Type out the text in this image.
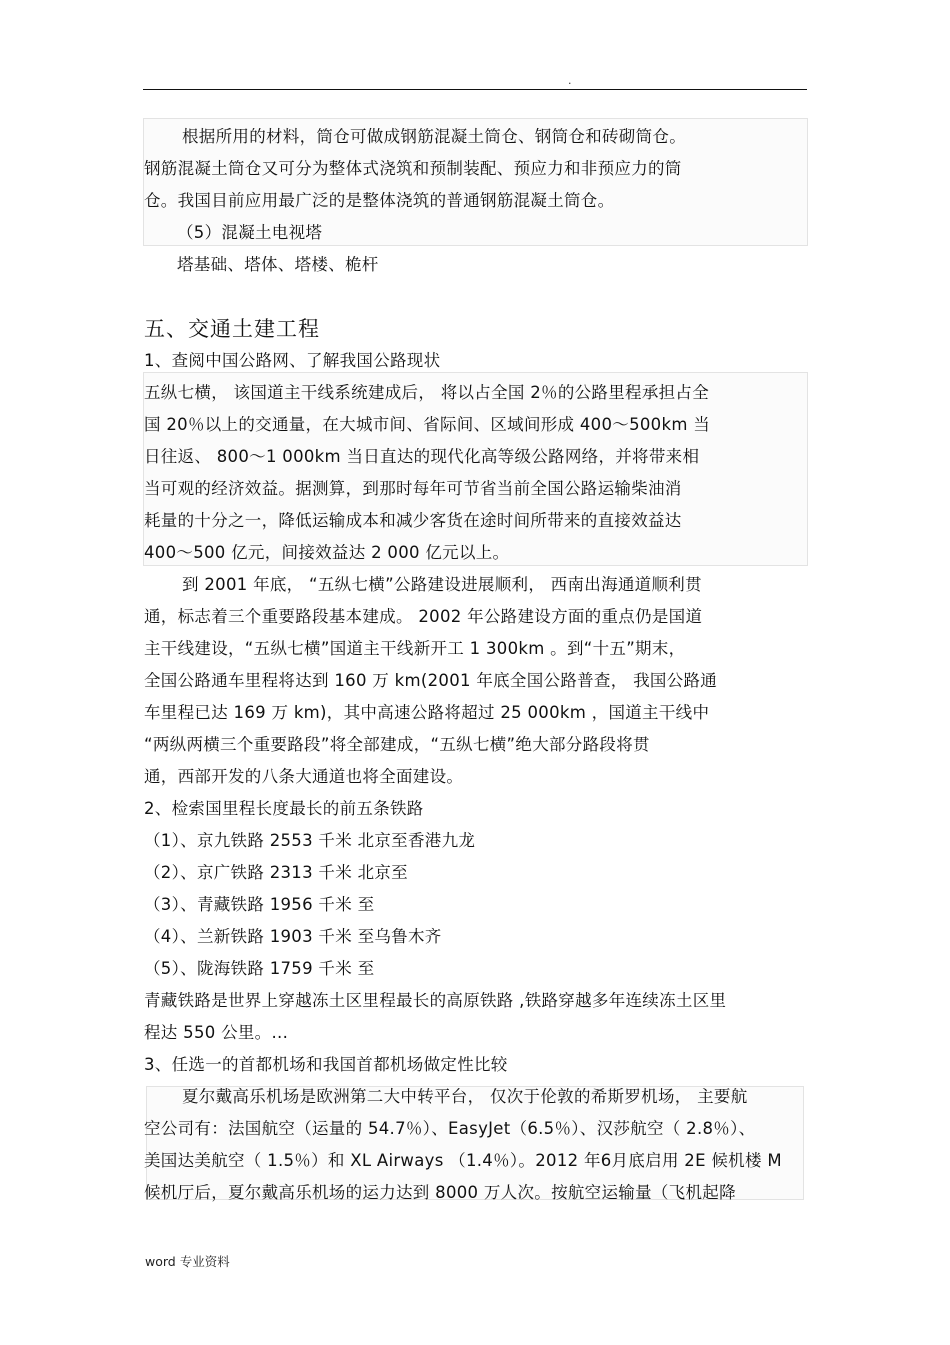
.
根据所用的材料，筒仓可做成钢筋混凝土筒仓、钢筒仓和砖砌筒仓。
钢筋混凝土筒仓又可分为整体式浇筑和预制装配、预应力和非预应力的筒
仓。我国目前应用最广泛的是整体浇筑的普通钢筋混凝土筒仓。
（5）混凝土电视塔
塔基础、塔体、塔楼、桅杆
五、交通土建工程
1、查阅中国公路网、了解我国公路现状
五纵七横， 该国道主干线系统建成后， 将以占全国 2％的公路里程承担占全
国 20％以上的交通量，在大城市间、省际间、区域间形成 400～500km 当
日往返、 800～1 000km 当日直达的现代化高等级公路网络，并将带来相
当可观的经济效益。据测算，到那时每年可节省当前全国公路运输柴油消
耗量的十分之一，降低运输成本和减少客货在途时间所带来的直接效益达
400～500 亿元，间接效益达 2 000 亿元以上。
到 2001 年底， “五纵七横”公路建设进展顺利， 西南出海通道顺利贯
通，标志着三个重要路段基本建成。 2002 年公路建设方面的重点仍是国道
主干线建设，“五纵七横”国道主干线新开工 1 300km 。到“十五”期末，
全国公路通车里程将达到 160 万 km(2001 年底全国公路普查， 我国公路通
车里程已达 169 万 km)，其中高速公路将超过 25 000km ，国道主干线中
“两纵两横三个重要路段”将全部建成，“五纵七横”绝大部分路段将贯
通，西部开发的八条大通道也将全面建设。
2、检索国里程长度最长的前五条铁路
（1）、京九铁路 2553 千米 北京至香港九龙
（2）、京广铁路 2313 千米 北京至
（3）、青藏铁路 1956 千米 至
（4）、兰新铁路 1903 千米 至乌鲁木齐
（5）、陇海铁路 1759 千米 至
青藏铁路是世界上穿越冻土区里程最长的高原铁路 ,铁路穿越多年连续冻土区里
程达 550 公里。...
3、任选一的首都机场和我国首都机场做定性比较
夏尔戴高乐机场是欧洲第二大中转平台， 仅次于伦敦的希斯罗机场， 主要航
空公司有：法国航空（运量的 54.7％）、EasyJet（6.5％）、汉莎航空（ 2.8％）、
美国达美航空（ 1.5％）和 XL Airways （1.4％）。2012 年6月底启用 2E 候机楼 M
候机厅后，夏尔戴高乐机场的运力达到 8000 万人次。按航空运输量（飞机起降
word 专业资料
